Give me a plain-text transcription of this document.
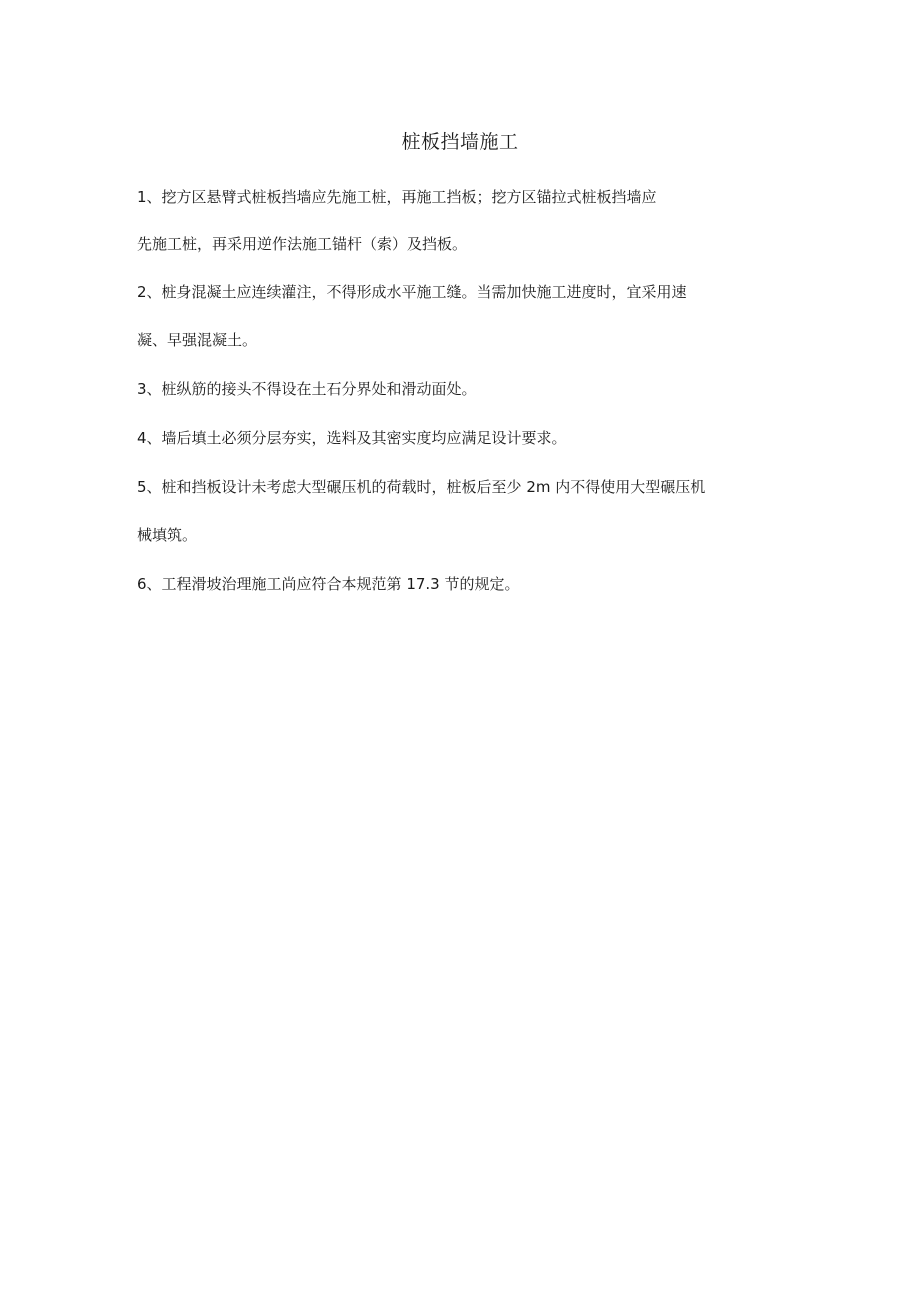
桩板挡墙施工
1、挖方区悬臂式桩板挡墙应先施工桩，再施工挡板；挖方区锚拉式桩板挡墙应
先施工桩，再采用逆作法施工锚杆（索）及挡板。
2、桩身混凝土应连续灌注，不得形成水平施工缝。当需加快施工进度时，宜采用速
凝、早强混凝土。
3、桩纵筋的接头不得设在土石分界处和滑动面处。
4、墙后填土必须分层夯实，选料及其密实度均应满足设计要求。
5、桩和挡板设计未考虑大型碾压机的荷载时，桩板后至少 2m 内不得使用大型碾压机
械填筑。
6、工程滑坡治理施工尚应符合本规范第 17.3 节的规定。
